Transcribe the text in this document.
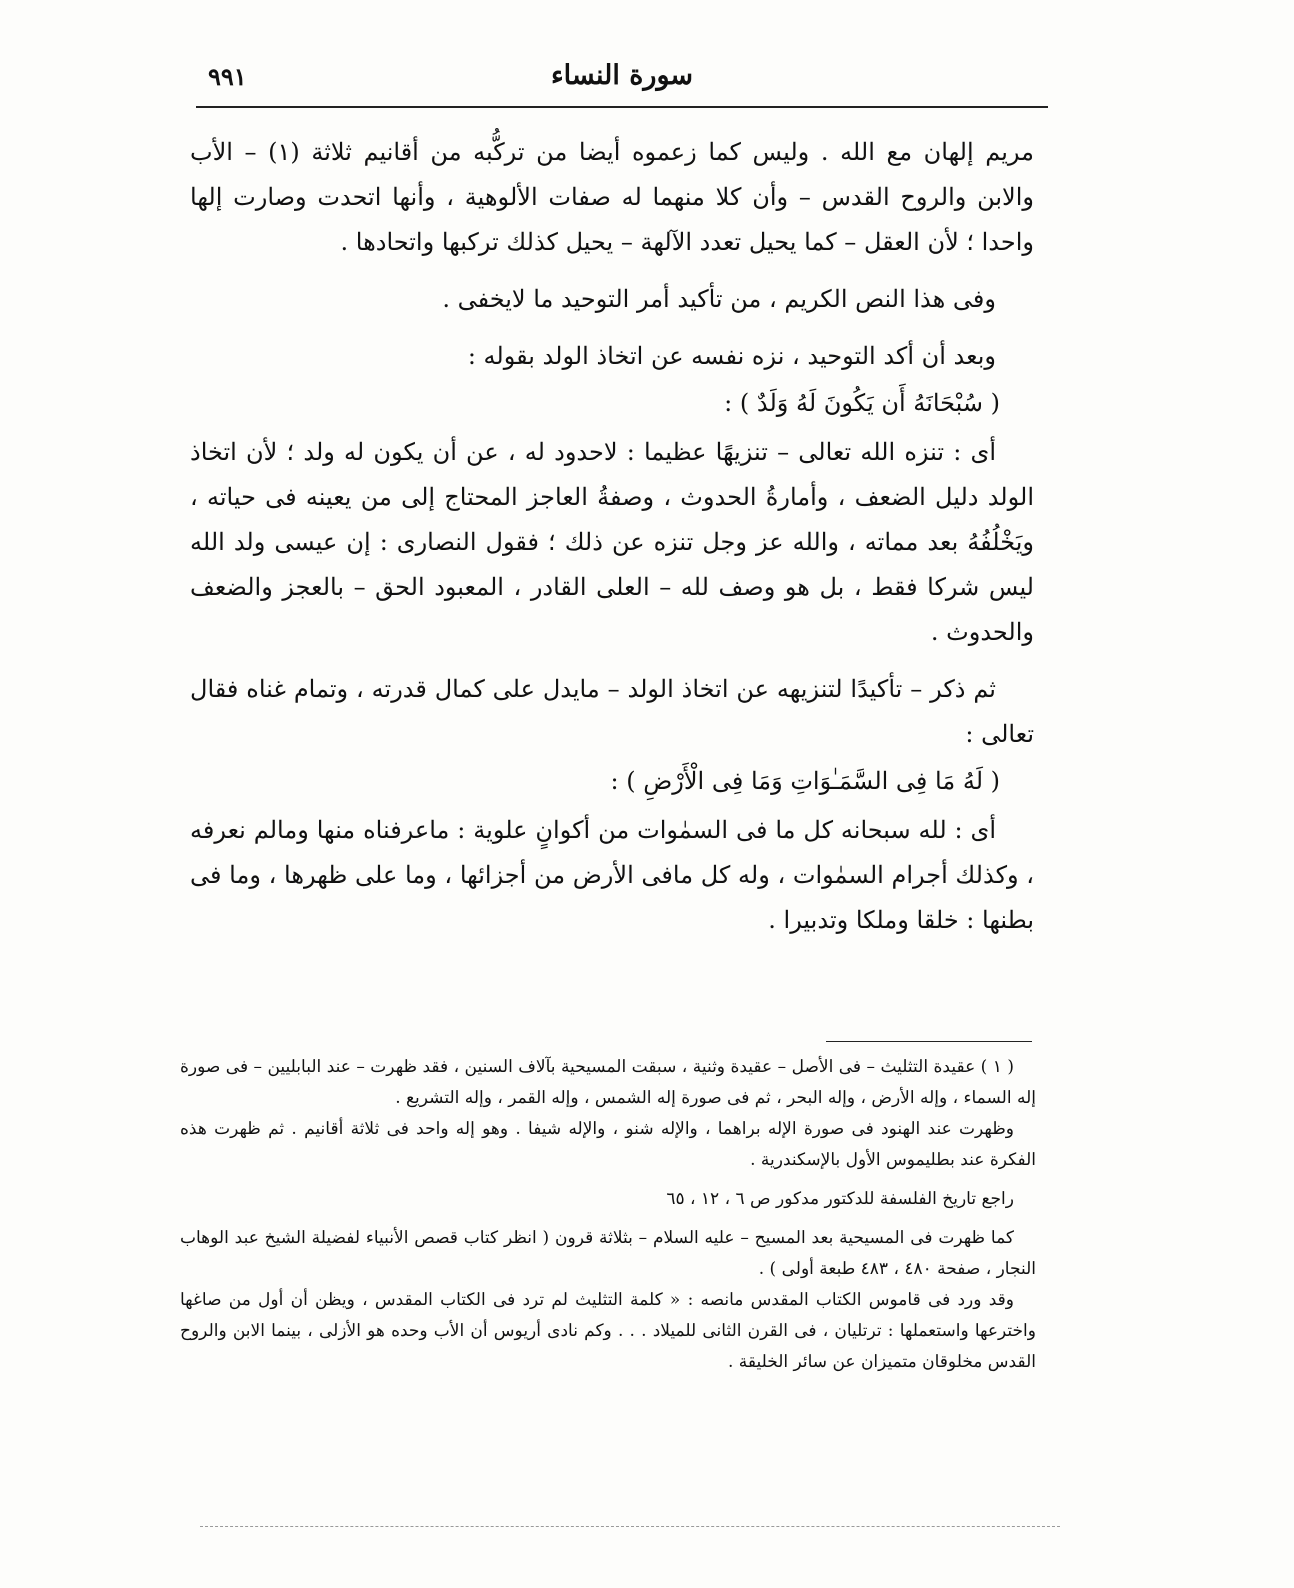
سورة النساء
٩٩١

مريم إلهان مع الله . وليس كما زعموه أيضا من تركُّبه من أقانيم ثلاثة (١) – الأب والابن والروح القدس – وأن كلا منهما له صفات الألوهية ، وأنها اتحدت وصارت إلها واحدا ؛ لأن العقل – كما يحيل تعدد الآلهة – يحيل كذلك تركبها واتحادها .

وفى هذا النص الكريم ، من تأكيد أمر التوحيد ما لايخفى .

وبعد أن أكد التوحيد ، نزه نفسه عن اتخاذ الولد بقوله :

( سُبْحَانَهُ أَن يَكُونَ لَهُ وَلَدٌ ) :

أى : تنزه الله تعالى – تنزيهًا عظيما : لاحدود له ، عن أن يكون له ولد ؛ لأن اتخاذ الولد دليل الضعف ، وأمارةُ الحدوث ، وصفةُ العاجز المحتاج إلى من يعينه فى حياته ، ويَخْلُفُهُ بعد مماته ، والله عز وجل تنزه عن ذلك ؛ فقول النصارى : إن عيسى ولد الله ليس شركا فقط ، بل هو وصف لله – العلى القادر ، المعبود الحق – بالعجز والضعف والحدوث .

ثم ذكر – تأكيدًا لتنزيهه عن اتخاذ الولد – مايدل على كمال قدرته ، وتمام غناه فقال تعالى :

( لَهُ مَا فِى السَّمَـٰوَاتِ وَمَا فِى الْأَرْضِ ) :

أى : لله سبحانه كل ما فى السمٰوات من أكوانٍ علوية : ماعرفناه منها ومالم نعرفه ، وكذلك أجرام السمٰوات ، وله كل مافى الأرض من أجزائها ، وما على ظهرها ، وما فى بطنها : خلقا وملكا وتدبيرا .

( ١ ) عقيدة التثليث – فى الأصل – عقيدة وثنية ، سبقت المسيحية بآلاف السنين ، فقد ظهرت – عند البابليين – فى صورة إله السماء ، وإله الأرض ، وإله البحر ، ثم فى صورة إله الشمس ، وإله القمر ، وإله التشريع .

وظهرت عند الهنود فى صورة الإله براهما ، والإله شنو ، والإله شيفا . وهو إله واحد فى ثلاثة أقانيم . ثم ظهرت هذه الفكرة عند بطليموس الأول بالإسكندرية .

راجع تاريخ الفلسفة للدكتور مدكور ص ٦ ، ١٢ ، ٦٥

كما ظهرت فى المسيحية بعد المسيح – عليه السلام – بثلاثة قرون ( انظر كتاب قصص الأنبياء لفضيلة الشيخ عبد الوهاب النجار ، صفحة ٤٨٠ ، ٤٨٣ طبعة أولى ) .

وقد ورد فى قاموس الكتاب المقدس مانصه : « كلمة التثليث لم ترد فى الكتاب المقدس ، ويظن أن أول من صاغها واخترعها واستعملها : ترتليان ، فى القرن الثانى للميلاد . . . وكم نادى أريوس أن الأب وحده هو الأزلى ، بينما الابن والروح القدس مخلوقان متميزان عن سائر الخليقة .
